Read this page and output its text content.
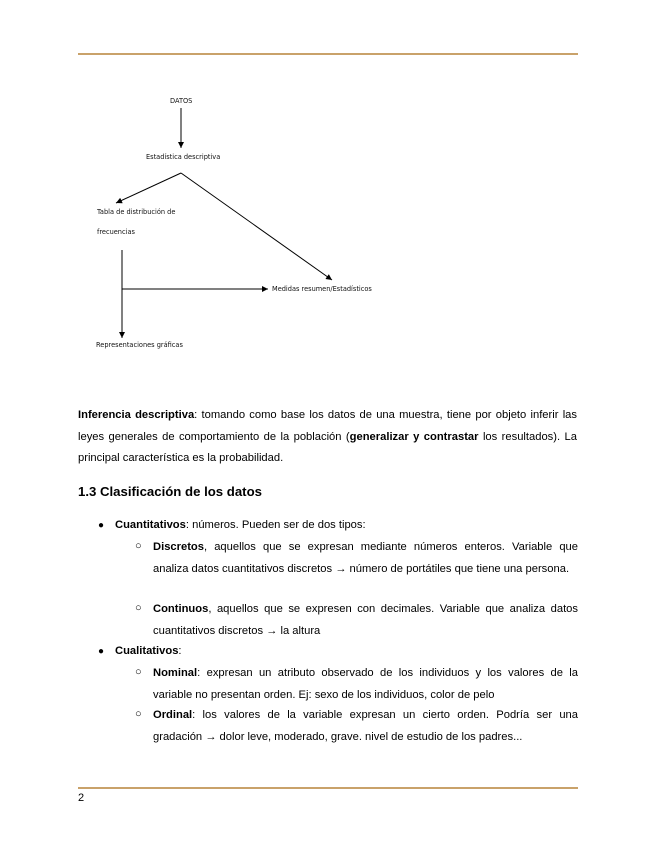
DATOS
Estadística descriptiva
Tabla de distribución de
frecuencias
Medidas resumen/Estadísticos
Representaciones gráficas
Inferencia descriptiva: tomando como base los datos de una muestra, tiene por objeto inferir las leyes generales de comportamiento de la población (generalizar y contrastar los resultados). La principal característica es la probabilidad.
1.3 Clasificación de los datos
● Cuantitativos: números. Pueden ser de dos tipos:
○ Discretos, aquellos que se expresan mediante números enteros. Variable que analiza datos cuantitativos discretos → número de portátiles que tiene una persona.
○ Continuos, aquellos que se expresen con decimales. Variable que analiza datos cuantitativos discretos → la altura
● Cualitativos:
○ Nominal: expresan un atributo observado de los individuos y los valores de la variable no presentan orden. Ej: sexo de los individuos, color de pelo
○ Ordinal: los valores de la variable expresan un cierto orden. Podría ser una gradación → dolor leve, moderado, grave. nivel de estudio de los padres...
2
